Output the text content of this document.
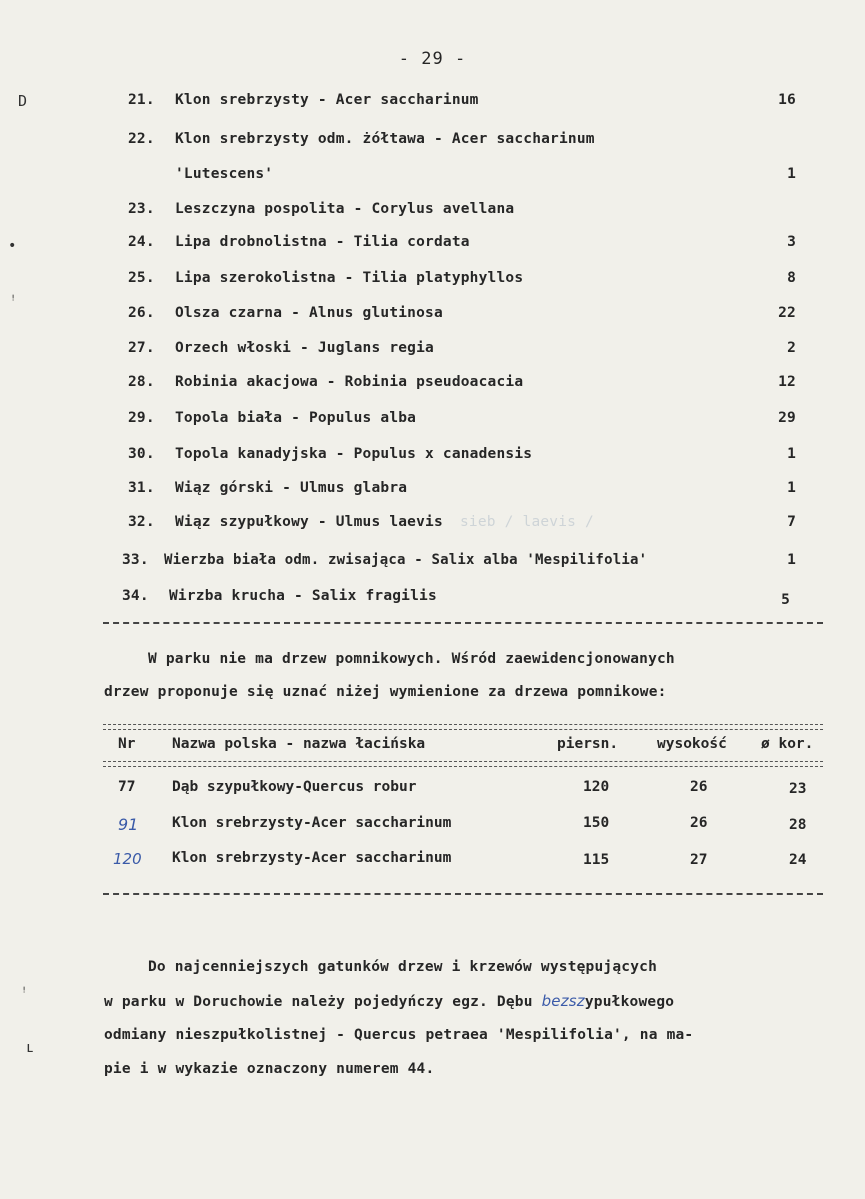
- 29 -
D
•
ꜝ
ꜝ
ʟ
21. Klon srebrzysty - Acer saccharinum	16
22. Klon srebrzysty odm. żółtawa - Acer saccharinum
'Lutescens'	1
23. Leszczyna pospolita - Corylus avellana
24. Lipa drobnolistna - Tilia cordata	3
25. Lipa szerokolistna - Tilia platyphyllos	8
26. Olsza czarna - Alnus glutinosa	22
27. Orzech włoski - Juglans regia	2
28. Robinia akacjowa - Robinia pseudoacacia	12
29. Topola biała - Populus alba	29
30. Topola kanadyjska - Populus x canadensis	1
31. Wiąz górski - Ulmus glabra	1
32. Wiąz szypułkowy - Ulmus laevis sieb / laevis /	7
33. Wierzba biała odm. zwisająca - Salix alba 'Mespilifolia'	1
34. Wirzba krucha - Salix fragilis	5
W parku nie ma drzew pomnikowych. Wśród zaewidencjonowanych
drzew proponuje się uznać niżej wymienione za drzewa pomnikowe:
Nr	Nazwa polska - nazwa łacińska	piersn.	wysokość ø kor.
77	Dąb szypułkowy-Quercus robur	120	26	23
91 Klon srebrzysty-Acer saccharinum	150	26	28
120 Klon srebrzysty-Acer saccharinum	115	27	24
Do najcenniejszych gatunków drzew i krzewów występujących
w parku w Doruchowie należy pojedyńczy egz. Dębu bezszypułkowego
odmiany nieszpułkolistnej - Quercus petraea 'Mespilifolia', na ma-
pie i w wykazie oznaczony numerem 44.
